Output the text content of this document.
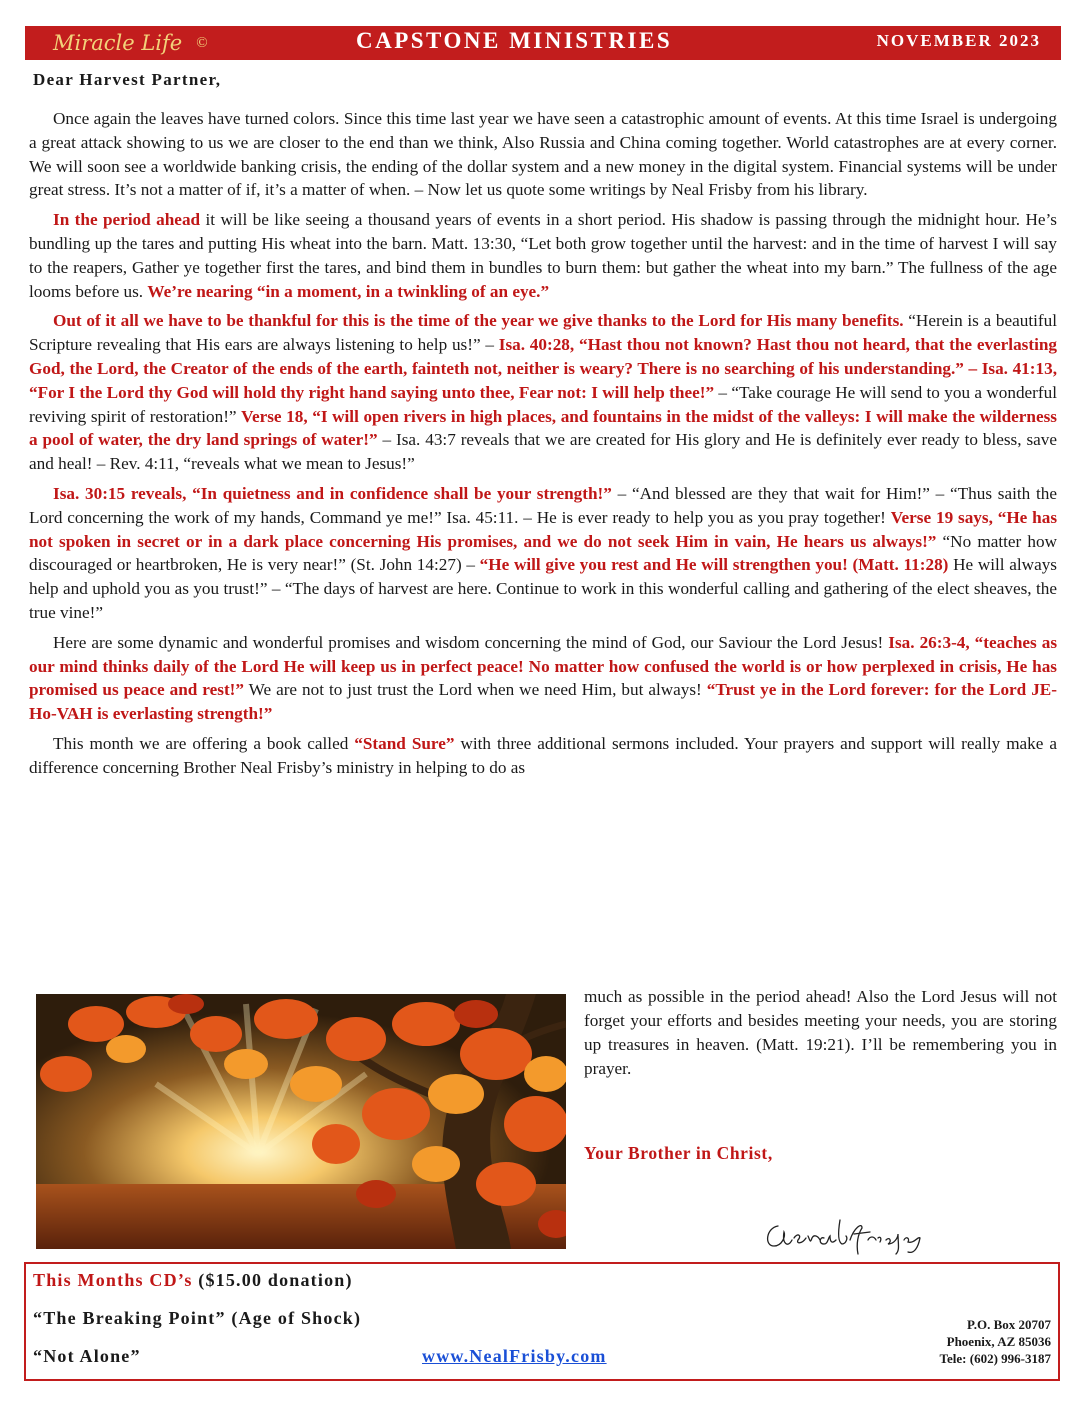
Miracle Life ©	CAPSTONE MINISTRIES	NOVEMBER 2023

Dear Harvest Partner,

Once again the leaves have turned colors. Since this time last year we have seen a catastrophic amount of events. At this time Israel is undergoing a great attack showing to us we are closer to the end than we think, Also Russia and China coming together. World catastrophes are at every corner. We will soon see a worldwide banking crisis, the ending of the dollar system and a new money in the digital system. Financial systems will be under great stress. It’s not a matter of if, it’s a matter of when. – Now let us quote some writings by Neal Frisby from his library.

In the period ahead it will be like seeing a thousand years of events in a short period. His shadow is passing through the midnight hour. He’s bundling up the tares and putting His wheat into the barn. Matt. 13:30, “Let both grow together until the harvest: and in the time of harvest I will say to the reapers, Gather ye together first the tares, and bind them in bundles to burn them: but gather the wheat into my barn.” The fullness of the age looms before us. We’re nearing “in a moment, in a twinkling of an eye.”

Out of it all we have to be thankful for this is the time of the year we give thanks to the Lord for His many benefits. “Herein is a beautiful Scripture revealing that His ears are always listening to help us!” – Isa. 40:28, “Hast thou not known? Hast thou not heard, that the everlasting God, the Lord, the Creator of the ends of the earth, fainteth not, neither is weary? There is no searching of his understanding.” – Isa. 41:13, “For I the Lord thy God will hold thy right hand saying unto thee, Fear not: I will help thee!” – “Take courage He will send to you a wonderful reviving spirit of restoration!” Verse 18, “I will open rivers in high places, and fountains in the midst of the valleys: I will make the wilderness a pool of water, the dry land springs of water!” – Isa. 43:7 reveals that we are created for His glory and He is definitely ever ready to bless, save and heal! – Rev. 4:11, “reveals what we mean to Jesus!”

Isa. 30:15 reveals, “In quietness and in confidence shall be your strength!” – “And blessed are they that wait for Him!” – “Thus saith the Lord concerning the work of my hands, Command ye me!” Isa. 45:11. – He is ever ready to help you as you pray together! Verse 19 says, “He has not spoken in secret or in a dark place concerning His promises, and we do not seek Him in vain, He hears us always!” “No matter how discouraged or heartbroken, He is very near!” (St. John 14:27) – “He will give you rest and He will strengthen you! (Matt. 11:28) He will always help and uphold you as you trust!” – “The days of harvest are here. Continue to work in this wonderful calling and gathering of the elect sheaves, the true vine!”

Here are some dynamic and wonderful promises and wisdom concerning the mind of God, our Saviour the Lord Jesus! Isa. 26:3-4, “teaches as our mind thinks daily of the Lord He will keep us in perfect peace! No matter how confused the world is or how perplexed in crisis, He has promised us peace and rest!” We are not to just trust the Lord when we need Him, but always! “Trust ye in the Lord forever: for the Lord JE-Ho-VAH is everlasting strength!”

This month we are offering a book called “Stand Sure” with three additional sermons included. Your prayers and support will really make a difference concerning Brother Neal Frisby’s ministry in helping to do as

much as possible in the period ahead! Also the Lord Jesus will not forget your efforts and besides meeting your needs, you are storing up treasures in heaven. (Matt. 19:21). I’ll be remembering you in prayer.

Your Brother in Christ,

This Months CD’s ($15.00 donation)

“The Breaking Point” (Age of Shock)

“Not Alone”	www.NealFrisby.com
P.O. Box 20707
Phoenix, AZ 85036
Tele: (602) 996-3187
